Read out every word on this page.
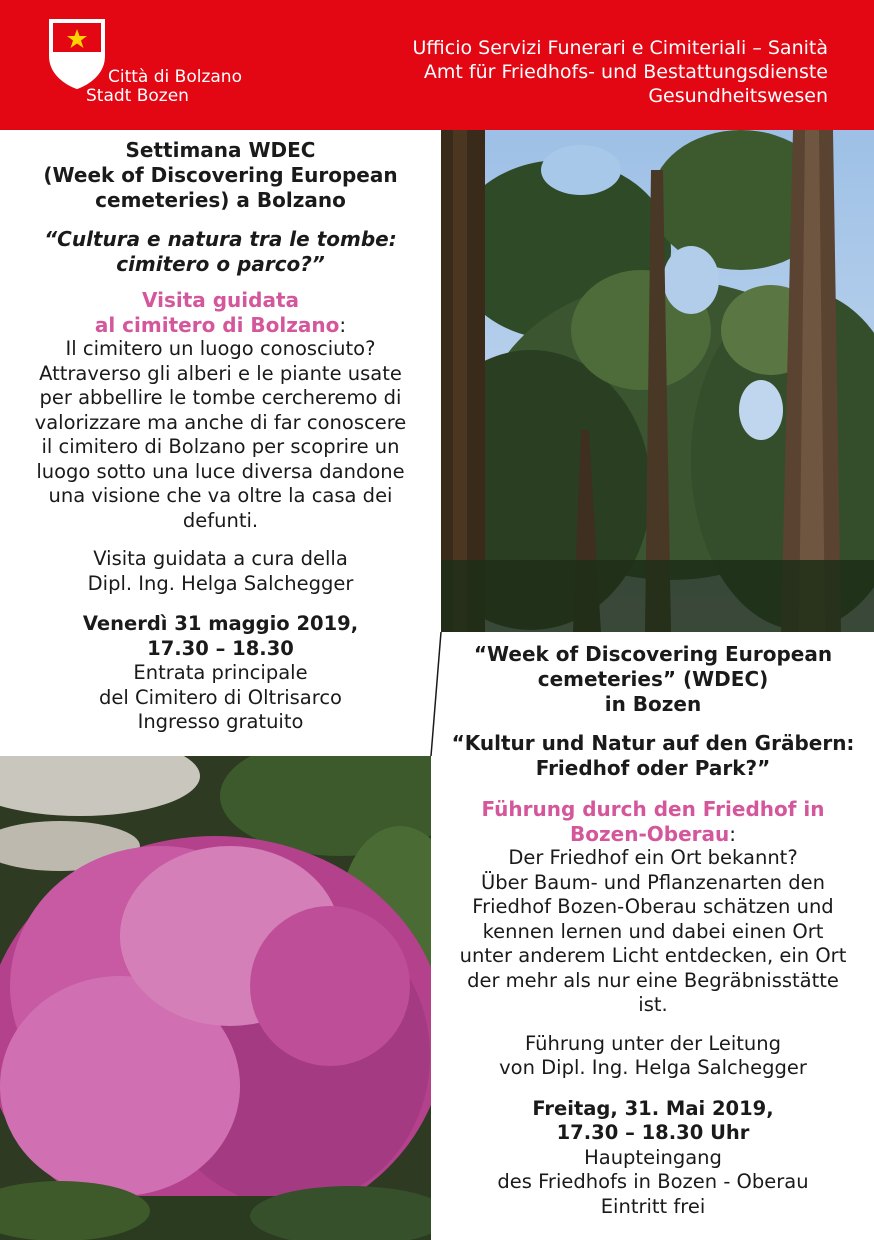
Città di Bolzano
Stadt Bozen
Ufficio Servizi Funerari e Cimiteriali – Sanità
Amt für Friedhofs- und Bestattungsdienste
Gesundheitswesen
Settimana WDEC
(Week of Discovering European
cemeteries) a Bolzano
“Cultura e natura tra le tombe:
cimitero o parco?”
Visita guidata
al cimitero di Bolzano:
Il cimitero un luogo conosciuto?
Attraverso gli alberi e le piante usate
per abbellire le tombe cercheremo di
valorizzare ma anche di far conoscere
il cimitero di Bolzano per scoprire un
luogo sotto una luce diversa dandone
una visione che va oltre la casa dei
defunti.
Visita guidata a cura della
Dipl. Ing. Helga Salchegger
Venerdì 31 maggio 2019,
17.30 – 18.30
Entrata principale
del Cimitero di Oltrisarco
Ingresso gratuito
“Week of Discovering European
cemeteries” (WDEC)
in Bozen
“Kultur und Natur auf den Gräbern:
Friedhof oder Park?”
Führung durch den Friedhof in
Bozen-Oberau:
Der Friedhof ein Ort bekannt?
Über Baum- und Pflanzenarten den
Friedhof Bozen-Oberau schätzen und
kennen lernen und dabei einen Ort
unter anderem Licht entdecken, ein Ort
der mehr als nur eine Begräbnisstätte
ist.
Führung unter der Leitung
von Dipl. Ing. Helga Salchegger
Freitag, 31. Mai 2019,
17.30 – 18.30 Uhr
Haupteingang
des Friedhofs in Bozen - Oberau
Eintritt frei
